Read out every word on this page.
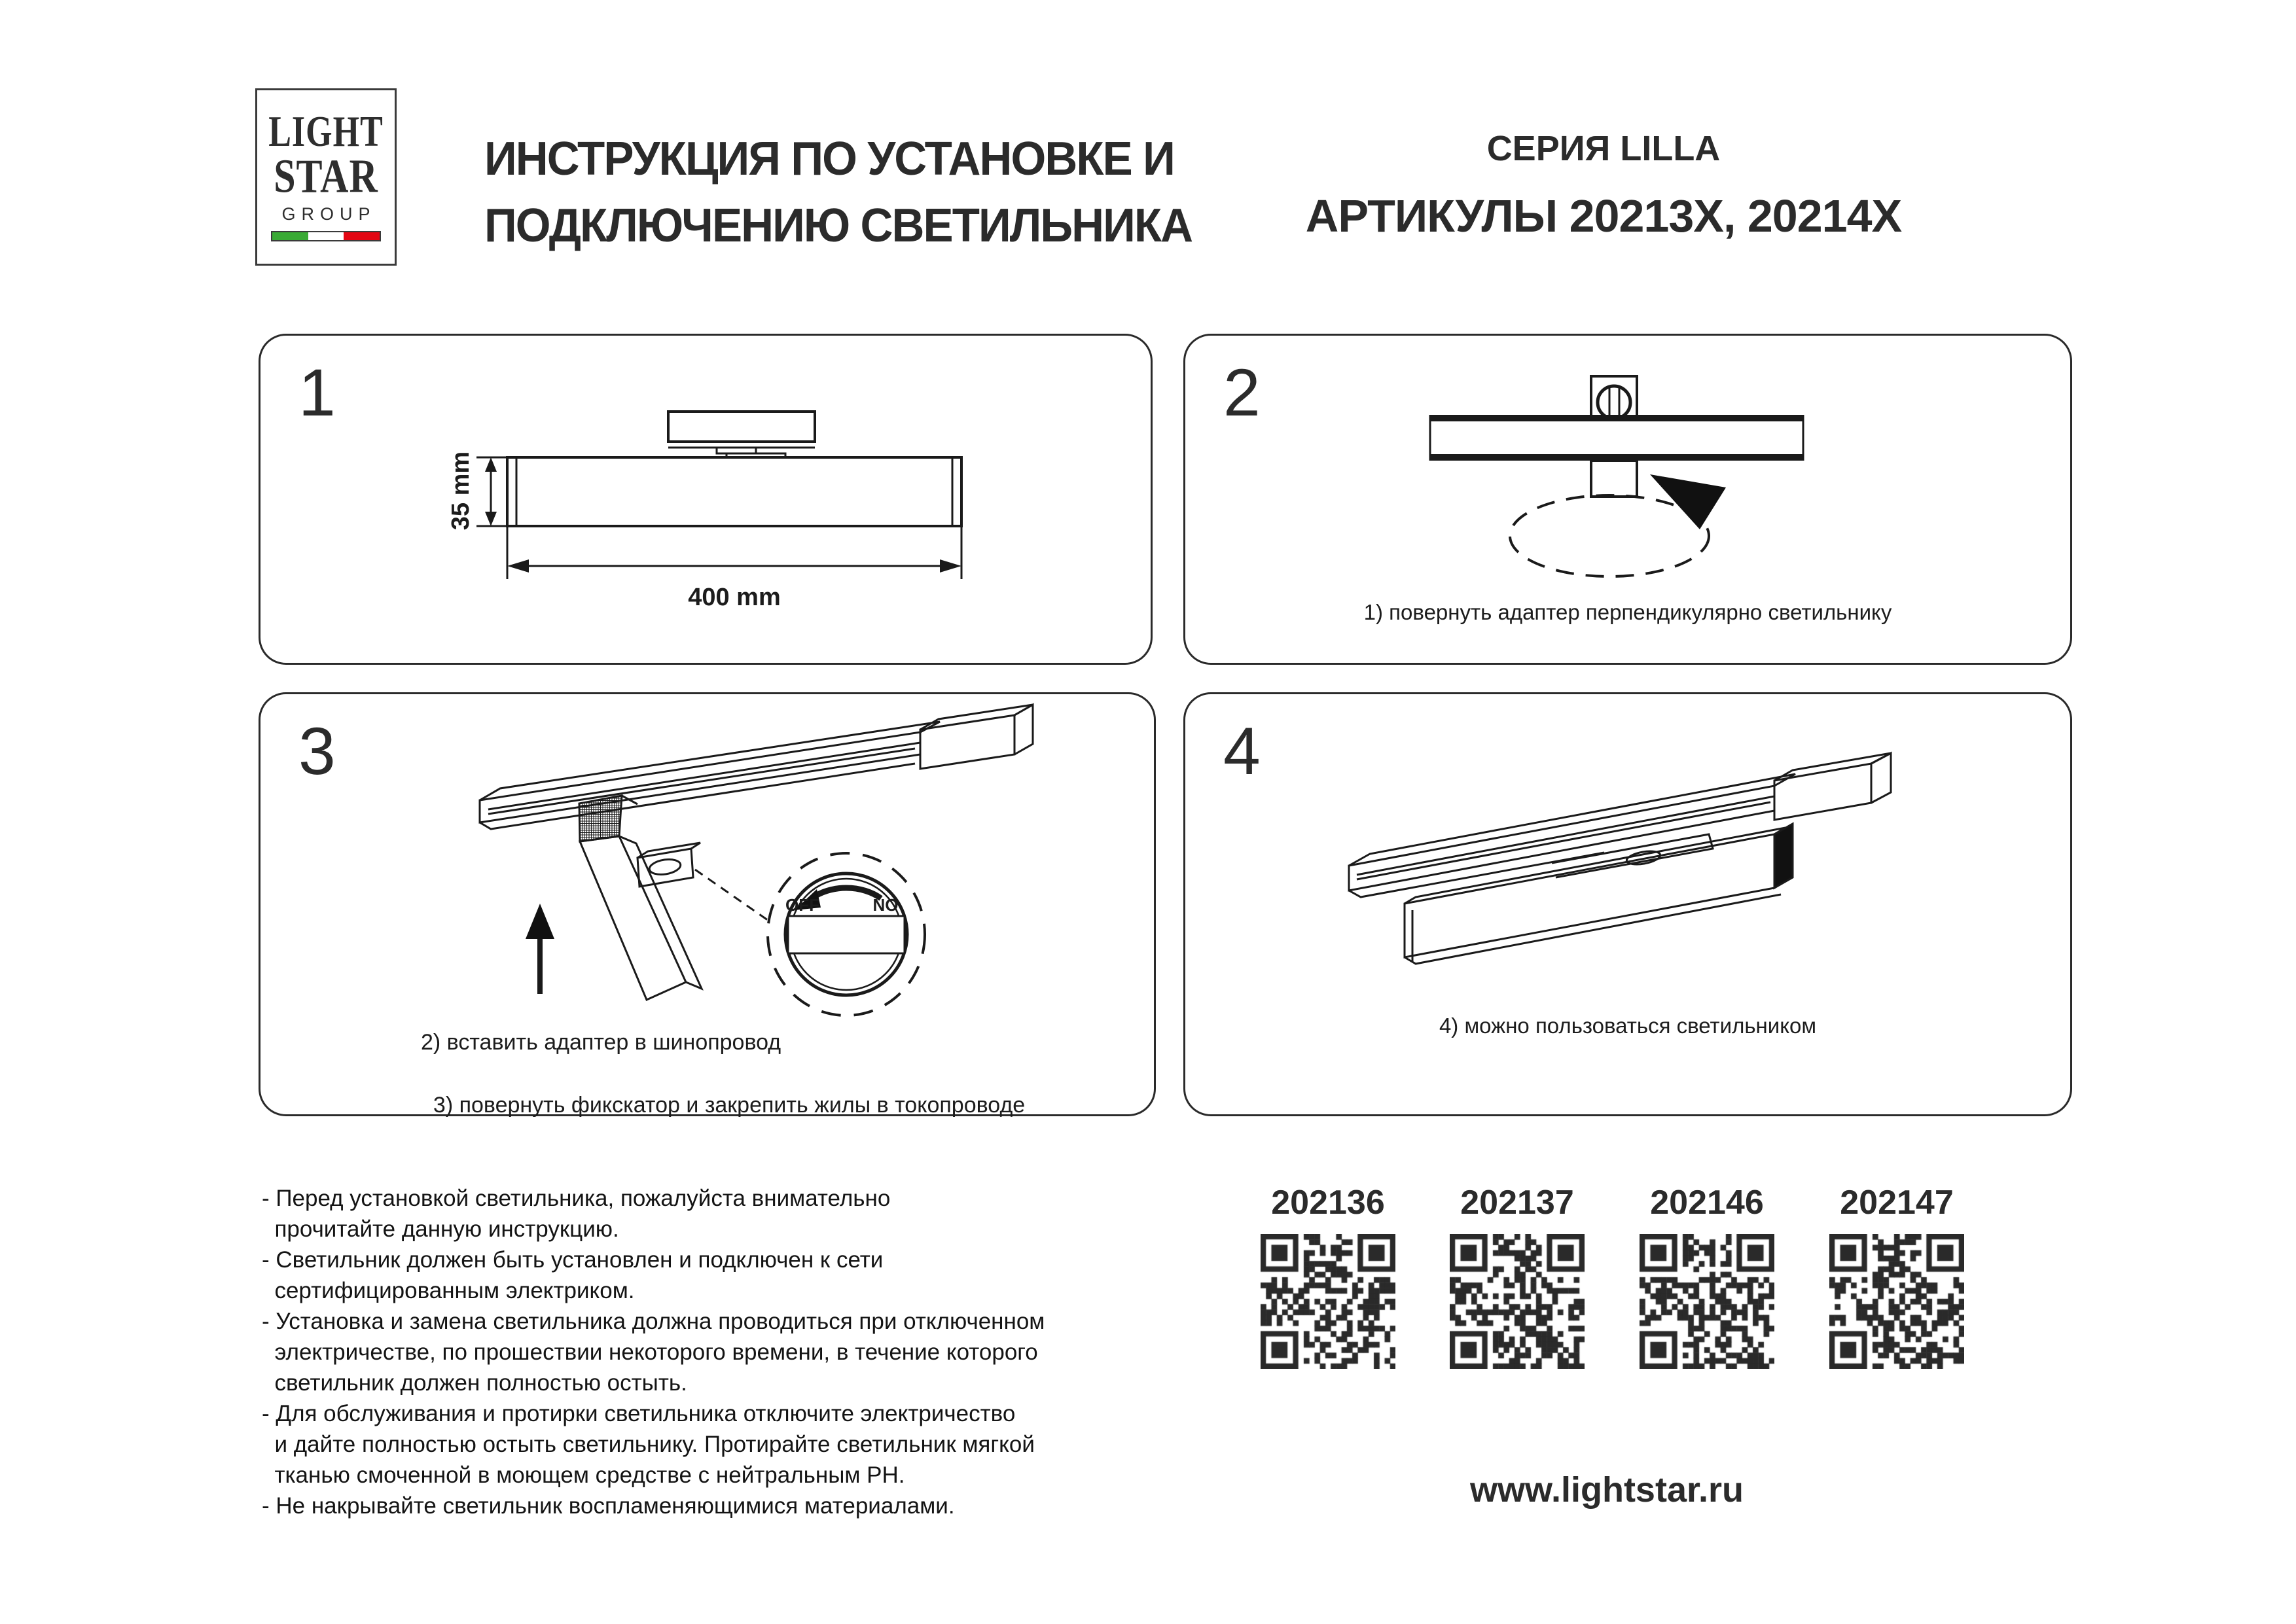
LIGHT
STAR
GROUP
ИНСТРУКЦИЯ ПО УСТАНОВКЕ И
ПОДКЛЮЧЕНИЮ СВЕТИЛЬНИКА
СЕРИЯ LILLA
АРТИКУЛЫ 20213X, 20214X
1
35 mm
400 mm
2
1) повернуть адаптер перпендикулярно светильнику
3
OFF	NO
2) вставить адаптер в шинопровод

3) повернуть фикскатор и закрепить жилы в токопроводе
4
4) можно пользоваться светильником
- Перед установкой светильника, пожалуйста внимательно
прочитайте данную инструкцию.
- Светильник должен быть установлен и подключен к сети
сертифицированным электриком.
- Установка и замена светильника должна проводиться при отключенном
электричестве, по прошествии некоторого времени, в течение которого
светильник должен полностью остыть.
- Для обслуживания и протирки светильника отключите электричество
и дайте полностью остыть светильнику. Протирайте светильник мягкой
тканью смоченной в моющем средстве с нейтральным PH.
- Не накрывайте светильник воспламеняющимися материалами.
202136	202137	202146	202147
www.lightstar.ru
